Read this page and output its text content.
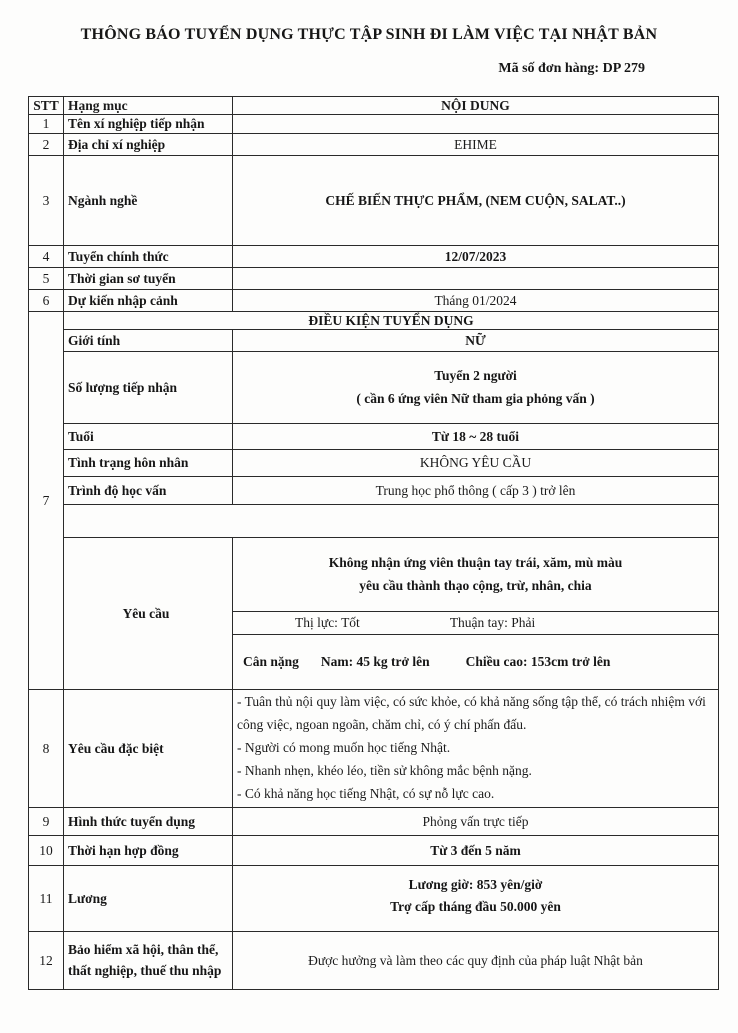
THÔNG BÁO TUYỂN DỤNG THỰC TẬP SINH ĐI LÀM VIỆC TẠI NHẬT BẢN
Mã số đơn hàng: DP 279
STT	Hạng mục	NỘI DUNG
1	Tên xí nghiệp tiếp nhận	
2	Địa chỉ xí nghiệp	EHIME
3	Ngành nghề	CHẾ BIẾN THỰC PHẨM, (NEM CUỘN, SALAT..)
4	Tuyển chính thức	12/07/2023
5	Thời gian sơ tuyển	
6	Dự kiến nhập cảnh	Tháng 01/2024
7	ĐIỀU KIỆN TUYỂN DỤNG	
	Giới tính	NỮ
	Số lượng tiếp nhận	Tuyển 2 người
( cần 6 ứng viên Nữ tham gia phỏng vấn )

	Tuổi	Từ 18 ~ 28 tuổi
	Tình trạng hôn nhân	KHÔNG YÊU CẦU
	Trình độ học vấn	Trung học phổ thông ( cấp 3 ) trở lên

	Yêu cầu	Không nhận ứng viên thuận tay trái, xăm, mù màu
yêu cầu thành thạo cộng, trừ, nhân, chia

		Thị lực: Tốt Thuận tay: Phải

		Cân nặng Nam: 45 kg trở lên Chiều cao: 153cm trở lên

8	Yêu cầu đặc biệt	- Tuân thủ nội quy làm việc, có sức khỏe, có khả năng sống tập thể, có trách nhiệm với công việc, ngoan ngoãn, chăm chỉ, có ý chí phấn đấu.
- Người có mong muốn học tiếng Nhật.
- Nhanh nhẹn, khéo léo, tiền sử không mắc bệnh nặng.
- Có khả năng học tiếng Nhật, có sự nỗ lực cao.

9	Hình thức tuyển dụng	Phỏng vấn trực tiếp
10	Thời hạn hợp đồng	Từ 3 đến 5 năm
11	Lương	Lương giờ: 853 yên/giờ
Trợ cấp tháng đầu 50.000 yên

12	Bảo hiểm xã hội, thân thể,
thất nghiệp, thuế thu nhập	Được hưởng và làm theo các quy định của pháp luật Nhật bản
